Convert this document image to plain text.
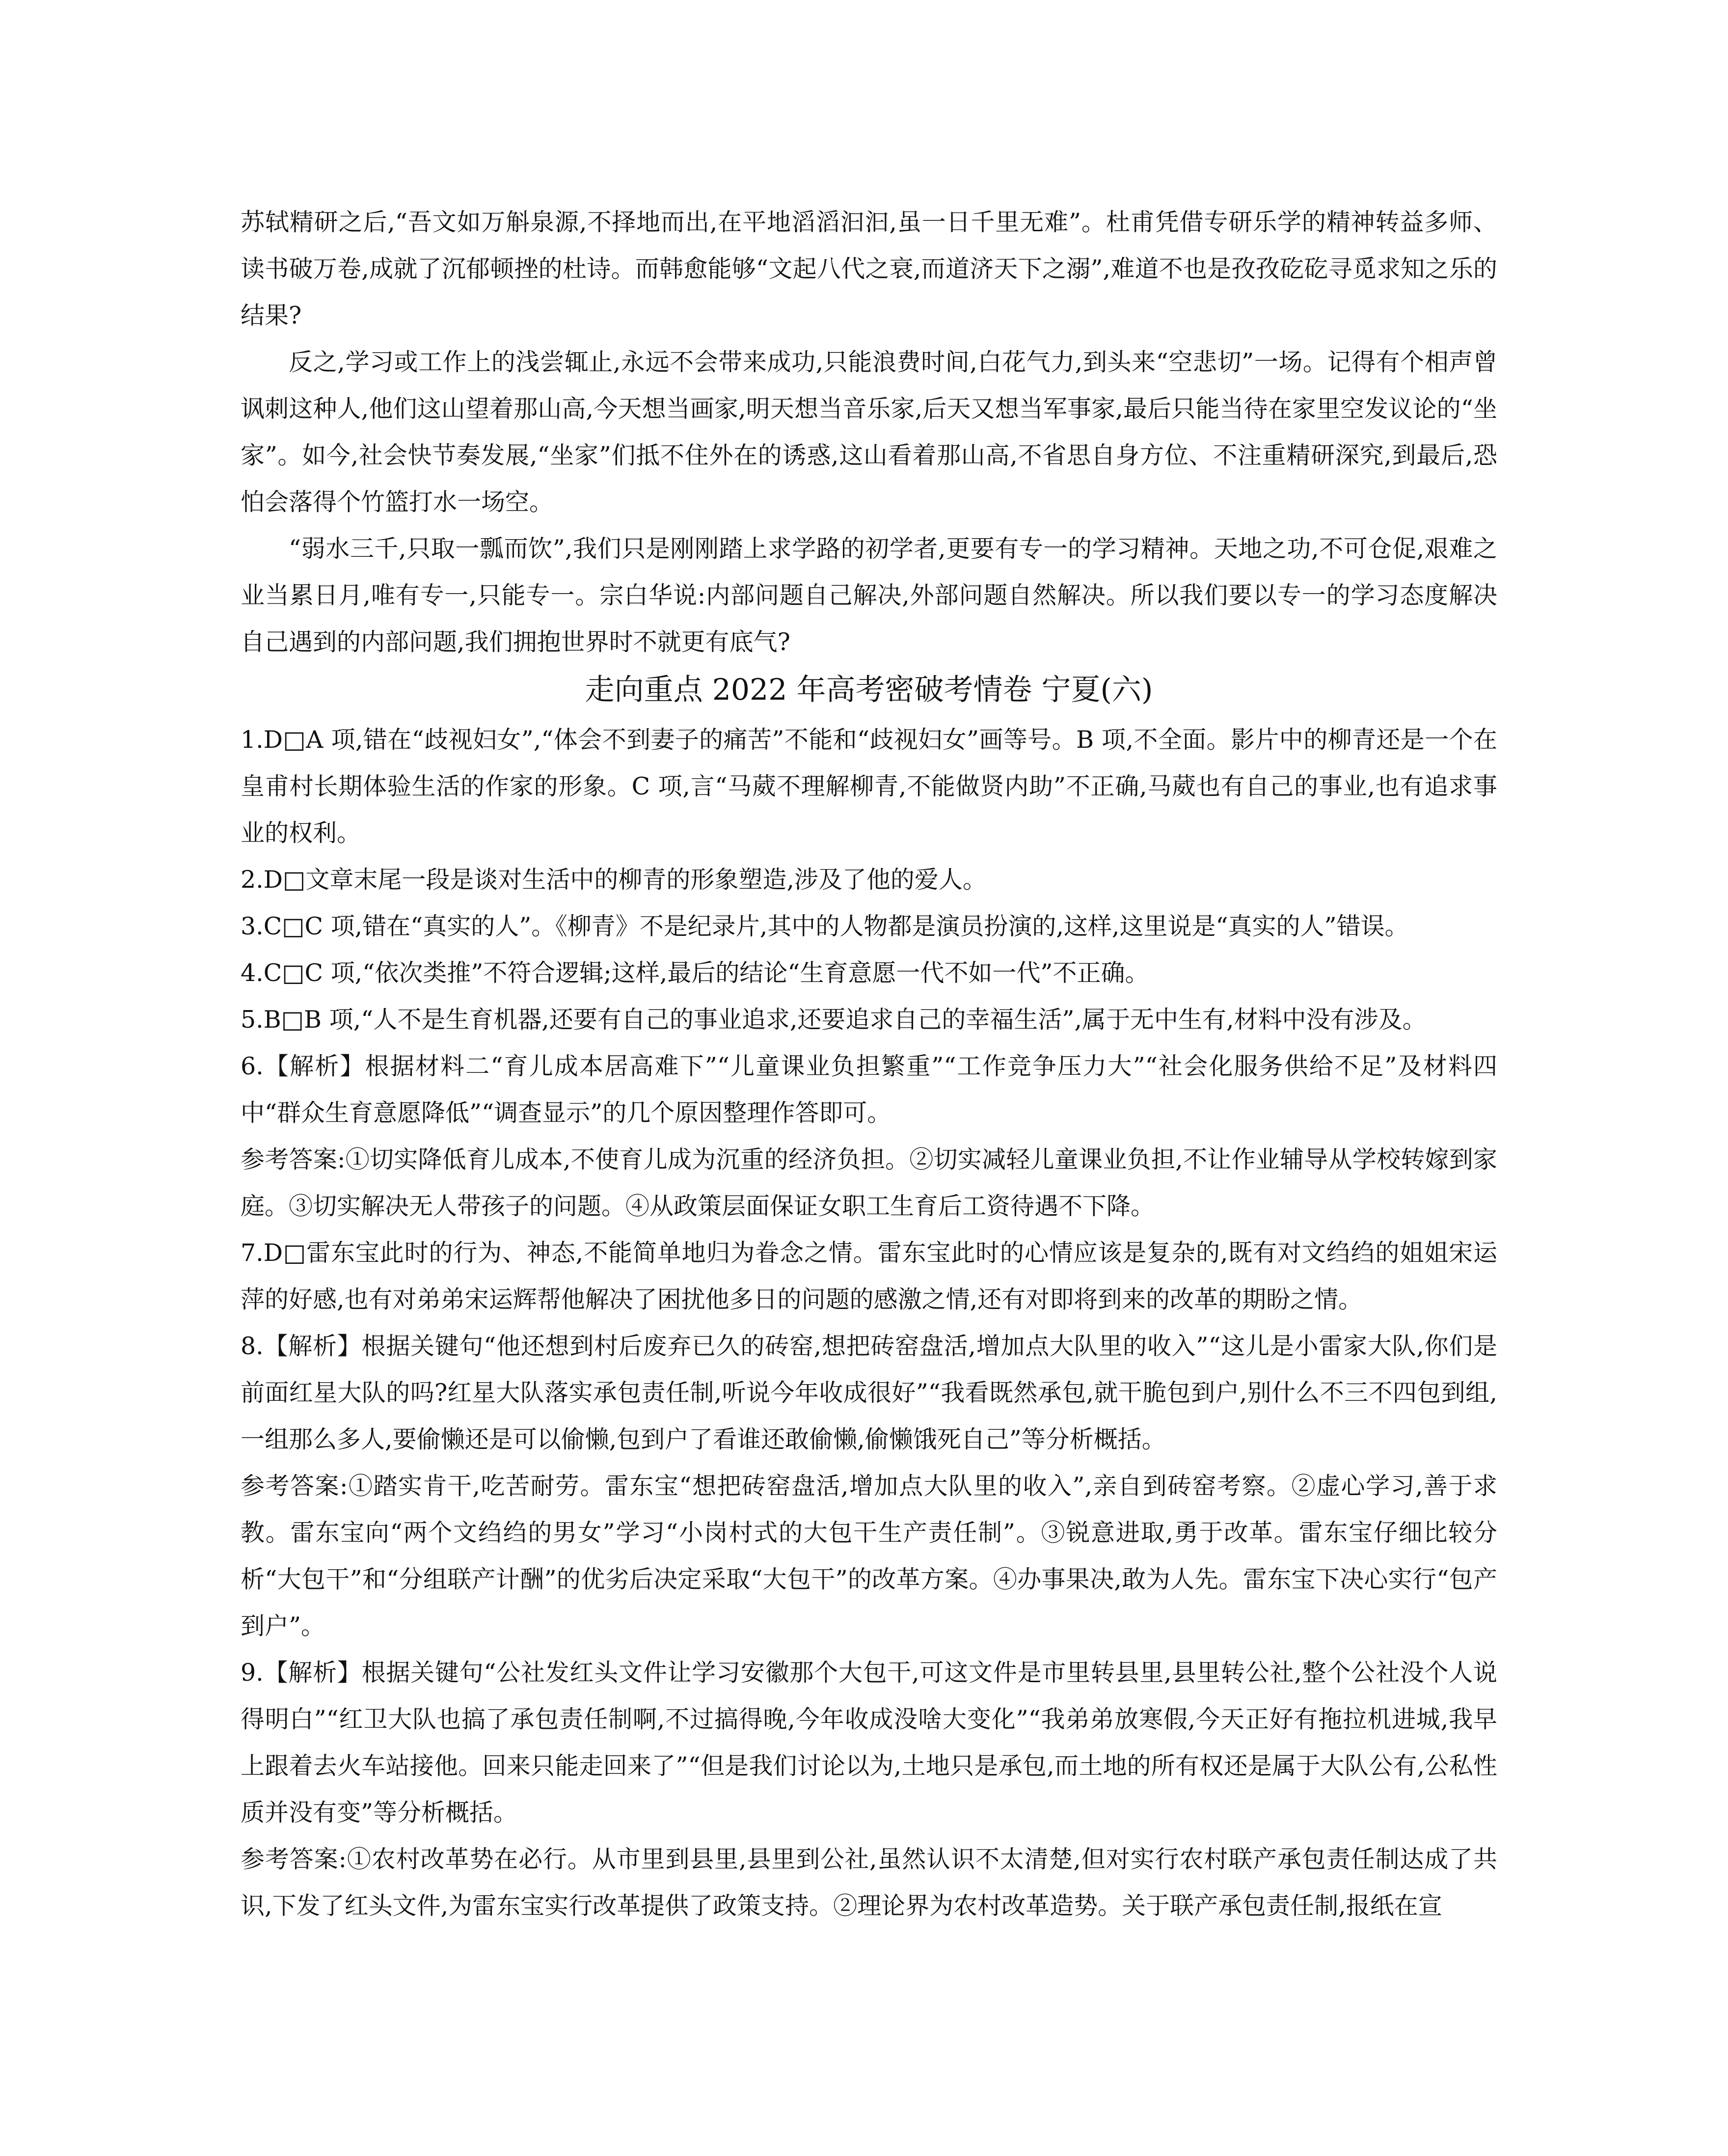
苏轼精研之后,“吾文如万斛泉源,不择地而出,在平地滔滔汩汩,虽一日千里无难”。杜甫凭借专研乐学的精神转益多师、读书破万卷,成就了沉郁顿挫的杜诗。而韩愈能够“文起八代之衰,而道济天下之溺”,难道不也是孜孜矻矻寻觅求知之乐的结果?

反之,学习或工作上的浅尝辄止,永远不会带来成功,只能浪费时间,白花气力,到头来“空悲切”一场。记得有个相声曾讽刺这种人,他们这山望着那山高,今天想当画家,明天想当音乐家,后天又想当军事家,最后只能当待在家里空发议论的“坐家”。如今,社会快节奏发展,“坐家”们抵不住外在的诱惑,这山看着那山高,不省思自身方位、不注重精研深究,到最后,恐怕会落得个竹篮打水一场空。

“弱水三千,只取一瓢而饮”,我们只是刚刚踏上求学路的初学者,更要有专一的学习精神。天地之功,不可仓促,艰难之业当累日月,唯有专一,只能专一。宗白华说:内部问题自己解决,外部问题自然解决。所以我们要以专一的学习态度解决自己遇到的内部问题,我们拥抱世界时不就更有底气?

走向重点 2022 年高考密破考情卷 宁夏(六)

1.D□A 项,错在“歧视妇女”,“体会不到妻子的痛苦”不能和“歧视妇女”画等号。B 项,不全面。影片中的柳青还是一个在皇甫村长期体验生活的作家的形象。C 项,言“马葳不理解柳青,不能做贤内助”不正确,马葳也有自己的事业,也有追求事业的权利。

2.D□文章末尾一段是谈对生活中的柳青的形象塑造,涉及了他的爱人。

3.C□C 项,错在“真实的人”。《柳青》不是纪录片,其中的人物都是演员扮演的,这样,这里说是“真实的人”错误。

4.C□C 项,“依次类推”不符合逻辑;这样,最后的结论“生育意愿一代不如一代”不正确。

5.B□B 项,“人不是生育机器,还要有自己的事业追求,还要追求自己的幸福生活”,属于无中生有,材料中没有涉及。

6.【解析】根据材料二“育儿成本居高难下”“儿童课业负担繁重”“工作竞争压力大”“社会化服务供给不足”及材料四中“群众生育意愿降低”“调查显示”的几个原因整理作答即可。

参考答案:①切实降低育儿成本,不使育儿成为沉重的经济负担。②切实减轻儿童课业负担,不让作业辅导从学校转嫁到家庭。③切实解决无人带孩子的问题。④从政策层面保证女职工生育后工资待遇不下降。

7.D□雷东宝此时的行为、神态,不能简单地归为眷念之情。雷东宝此时的心情应该是复杂的,既有对文绉绉的姐姐宋运萍的好感,也有对弟弟宋运辉帮他解决了困扰他多日的问题的感激之情,还有对即将到来的改革的期盼之情。

8.【解析】根据关键句“他还想到村后废弃已久的砖窑,想把砖窑盘活,增加点大队里的收入”“这儿是小雷家大队,你们是前面红星大队的吗?红星大队落实承包责任制,听说今年收成很好”“我看既然承包,就干脆包到户,别什么不三不四包到组,一组那么多人,要偷懒还是可以偷懒,包到户了看谁还敢偷懒,偷懒饿死自己”等分析概括。

参考答案:①踏实肯干,吃苦耐劳。雷东宝“想把砖窑盘活,增加点大队里的收入”,亲自到砖窑考察。②虚心学习,善于求教。雷东宝向“两个文绉绉的男女”学习“小岗村式的大包干生产责任制”。③锐意进取,勇于改革。雷东宝仔细比较分析“大包干”和“分组联产计酬”的优劣后决定采取“大包干”的改革方案。④办事果决,敢为人先。雷东宝下决心实行“包产到户”。

9.【解析】根据关键句“公社发红头文件让学习安徽那个大包干,可这文件是市里转县里,县里转公社,整个公社没个人说得明白”“红卫大队也搞了承包责任制啊,不过搞得晚,今年收成没啥大变化”“我弟弟放寒假,今天正好有拖拉机进城,我早上跟着去火车站接他。回来只能走回来了”“但是我们讨论以为,土地只是承包,而土地的所有权还是属于大队公有,公私性质并没有变”等分析概括。

参考答案:①农村改革势在必行。从市里到县里,县里到公社,虽然认识不太清楚,但对实行农村联产承包责任制达成了共识,下发了红头文件,为雷东宝实行改革提供了政策支持。②理论界为农村改革造势。关于联产承包责任制,报纸在宣
